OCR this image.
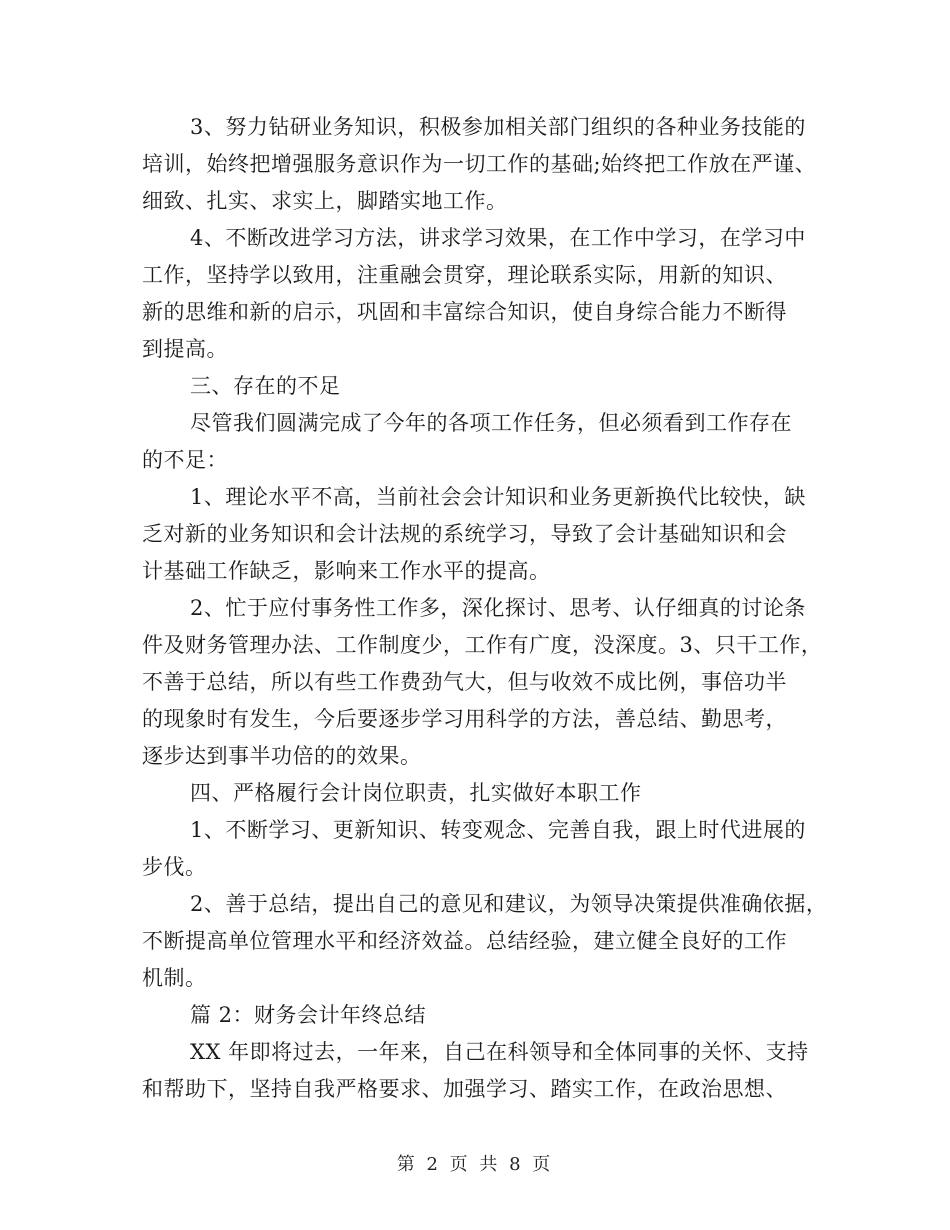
3、努力钻研业务知识，积极参加相关部门组织的各种业务技能的
培训，始终把增强服务意识作为一切工作的基础;始终把工作放在严谨、
细致、扎实、求实上，脚踏实地工作。
4、不断改进学习方法，讲求学习效果，在工作中学习，在学习中
工作，坚持学以致用，注重融会贯穿，理论联系实际，用新的知识、
新的思维和新的启示，巩固和丰富综合知识，使自身综合能力不断得
到提高。
三、存在的不足
尽管我们圆满完成了今年的各项工作任务，但必须看到工作存在
的不足：
1、理论水平不高，当前社会会计知识和业务更新换代比较快，缺
乏对新的业务知识和会计法规的系统学习，导致了会计基础知识和会
计基础工作缺乏，影响来工作水平的提高。
2、忙于应付事务性工作多，深化探讨、思考、认仔细真的讨论条
件及财务管理办法、工作制度少，工作有广度，没深度。3、只干工作，
不善于总结，所以有些工作费劲气大，但与收效不成比例，事倍功半
的现象时有发生，今后要逐步学习用科学的方法，善总结、勤思考，
逐步达到事半功倍的的效果。
四、严格履行会计岗位职责，扎实做好本职工作
1、不断学习、更新知识、转变观念、完善自我，跟上时代进展的
步伐。
2、善于总结，提出自己的意见和建议，为领导决策提供准确依据，
不断提高单位管理水平和经济效益。总结经验，建立健全良好的工作
机制。
篇 2：财务会计年终总结
XX 年即将过去，一年来，自己在科领导和全体同事的关怀、支持
和帮助下，坚持自我严格要求、加强学习、踏实工作，在政治思想、
第 2 页 共 8 页
